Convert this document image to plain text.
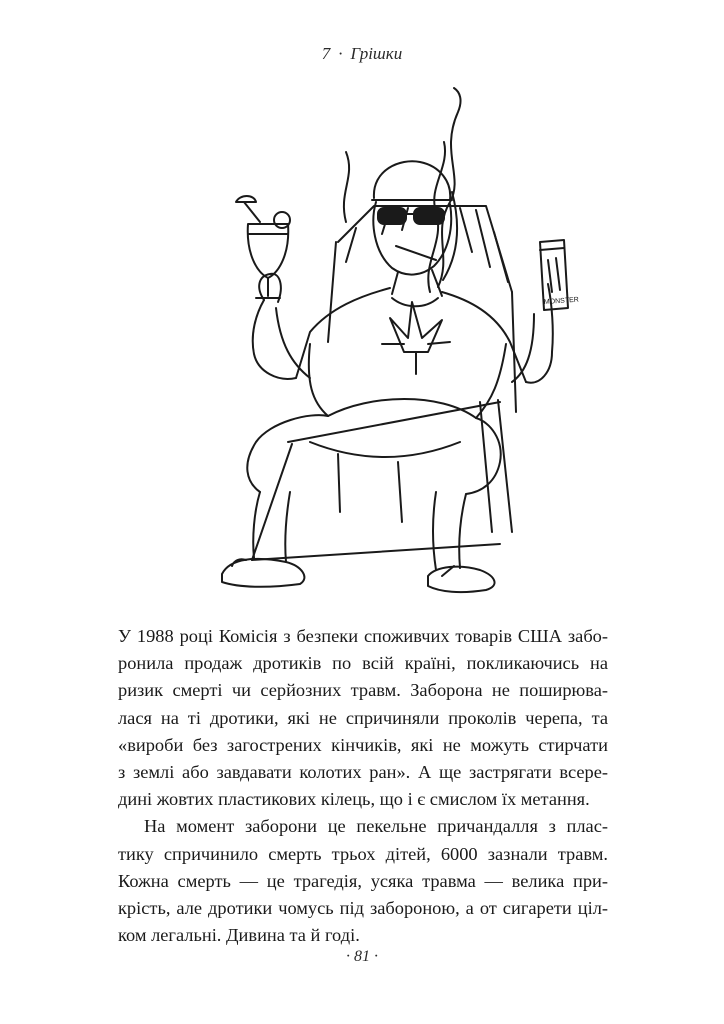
7 · Грішки
MONSTER

У 1988 році Комісія з безпеки споживчих товарів США забо-
ронила продаж дротиків по всій країні, покликаючись на
ризик смерті чи серйозних травм. Заборона не поширюва-
лася на ті дротики, які не спричиняли проколів черепа, та
«вироби без загострених кінчиків, які не можуть стирчати
з землі або завдавати колотих ран». А ще застрягати всере-
дині жовтих пластикових кілець, що і є смислом їх метання.

На момент заборони це пекельне причандалля з плас-
тику спричинило смерть трьох дітей, 6000 зазнали травм.
Кожна смерть — це трагедія, усяка травма — велика при-
крість, але дротики чомусь під забороною, а от сигарети ціл-
ком легальні. Дивина та й годі.

· 81 ·
